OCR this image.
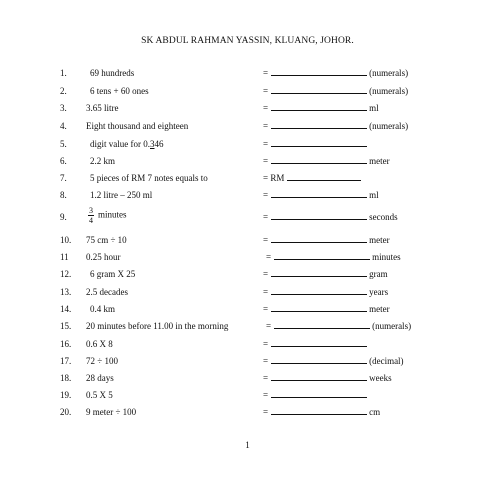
SK ABDUL RAHMAN YASSIN, KLUANG, JOHOR.
1.	69 hundreds	=	(numerals)
2.	6 tens + 60 ones	=	(numerals)
3. 3.65 litre	=	ml
4. Eight thousand and eighteen	=	(numerals)
5.	digit value for 0.346	=
6.	2.2 km	=	meter
7.	5 pieces of RM 7 notes equals to	= RM
8.	1.2 litre – 250 ml	=	ml
9.	$\frac{3}{4}$ minutes	=	seconds
10. 75 cm ÷ 10	=	meter
11 0.25 hour	=	minutes
12. 6 gram X 25	=	gram
13. 2.5 decades	=	years
14. 0.4 km	=	meter
15. 20 minutes before 11.00 in the morning	=	(numerals)
16. 0.6 X 8	=
17. 72 ÷ 100	=	(decimal)
18. 28 days	=	weeks
19. 0.5 X 5	=
20. 9 meter ÷ 100	=	cm
1
